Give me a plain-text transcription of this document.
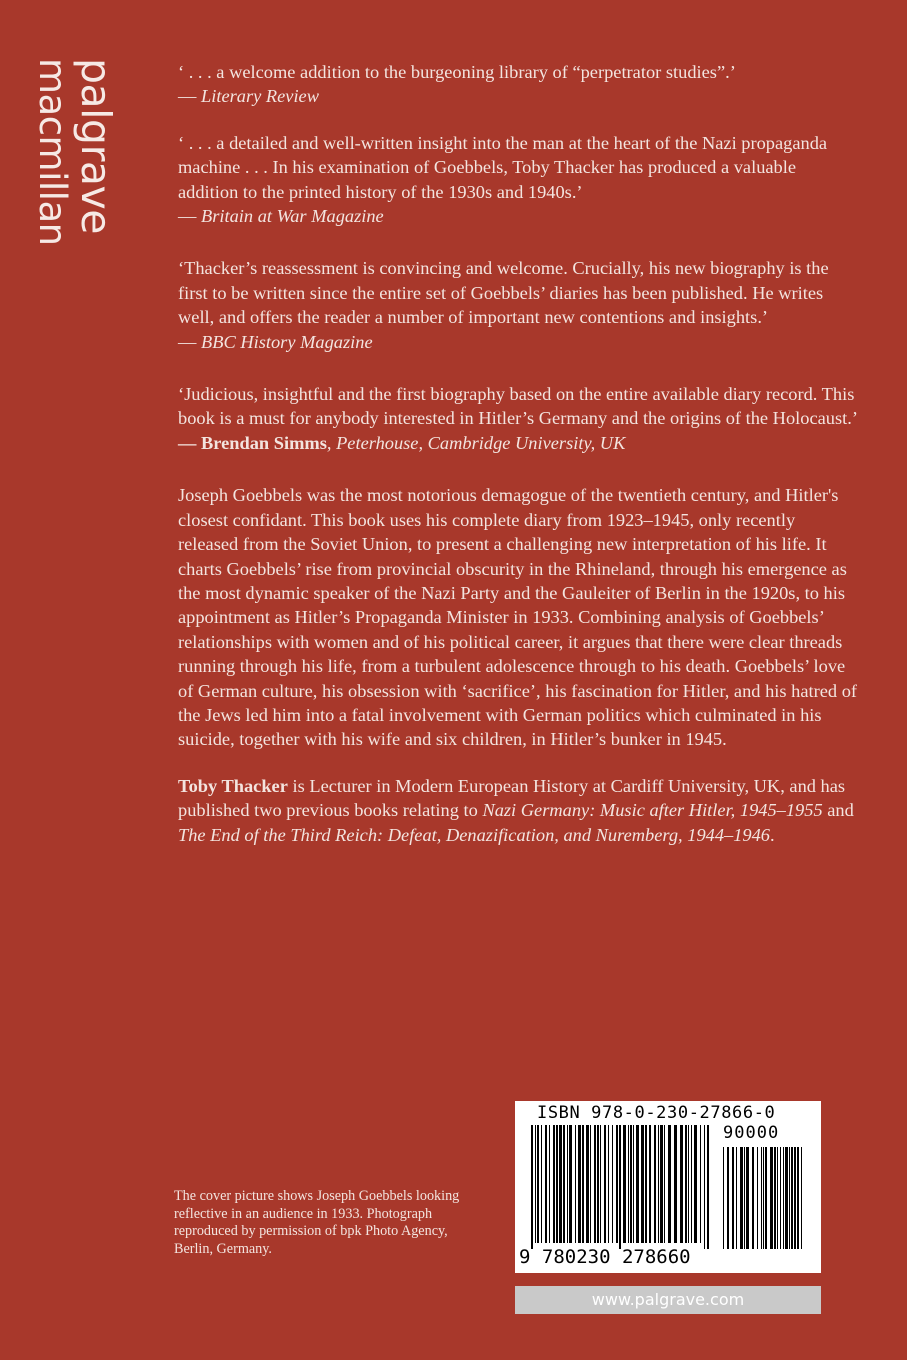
palgrave
macmillan	‘ . . . a welcome addition to the burgeoning library of “perpetrator studies”.’

— Literary Review

‘ . . . a detailed and well-written insight into the man at the heart of the Nazi propaganda machine . . . In his examination of Goebbels, Toby Thacker has produced a valuable addition to the printed history of the 1930s and 1940s.’

— Britain at War Magazine

‘Thacker’s reassessment is convincing and welcome. Crucially, his new biography is the first to be written since the entire set of Goebbels’ diaries has been published. He writes well, and offers the reader a number of important new contentions and insights.’

— BBC History Magazine

‘Judicious, insightful and the first biography based on the entire available diary record. This book is a must for anybody interested in Hitler’s Germany and the origins of the Holocaust.’

— Brendan Simms, Peterhouse, Cambridge University, UK

Joseph Goebbels was the most notorious demagogue of the twentieth century, and Hitler's closest confidant. This book uses his complete diary from 1923–1945, only recently released from the Soviet Union, to present a challenging new interpretation of his life. It charts Goebbels’ rise from provincial obscurity in the Rhineland, through his emergence as the most dynamic speaker of the Nazi Party and the Gauleiter of Berlin in the 1920s, to his appointment as Hitler’s Propaganda Minister in 1933. Combining analysis of Goebbels’ relationships with women and of his political career, it argues that there were clear threads running through his life, from a turbulent adolescence through to his death. Goebbels’ love of German culture, his obsession with ‘sacrifice’, his fascination for Hitler, and his hatred of the Jews led him into a fatal involvement with German politics which culminated in his suicide, together with his wife and six children, in Hitler’s bunker in 1945.

Toby Thacker is Lecturer in Modern European History at Cardiff University, UK, and has published two previous books relating to Nazi Germany: Music after Hitler, 1945–1955 and The End of the Third Reich: Defeat, Denazification, and Nuremberg, 1944–1946.

The cover picture shows Joseph Goebbels looking reflective in an audience in 1933. Photograph reproduced by permission of bpk Photo Agency, Berlin, Germany.
ISBN 978-0-230-27866-0
90000
9 780230 278660
www.palgrave.com
